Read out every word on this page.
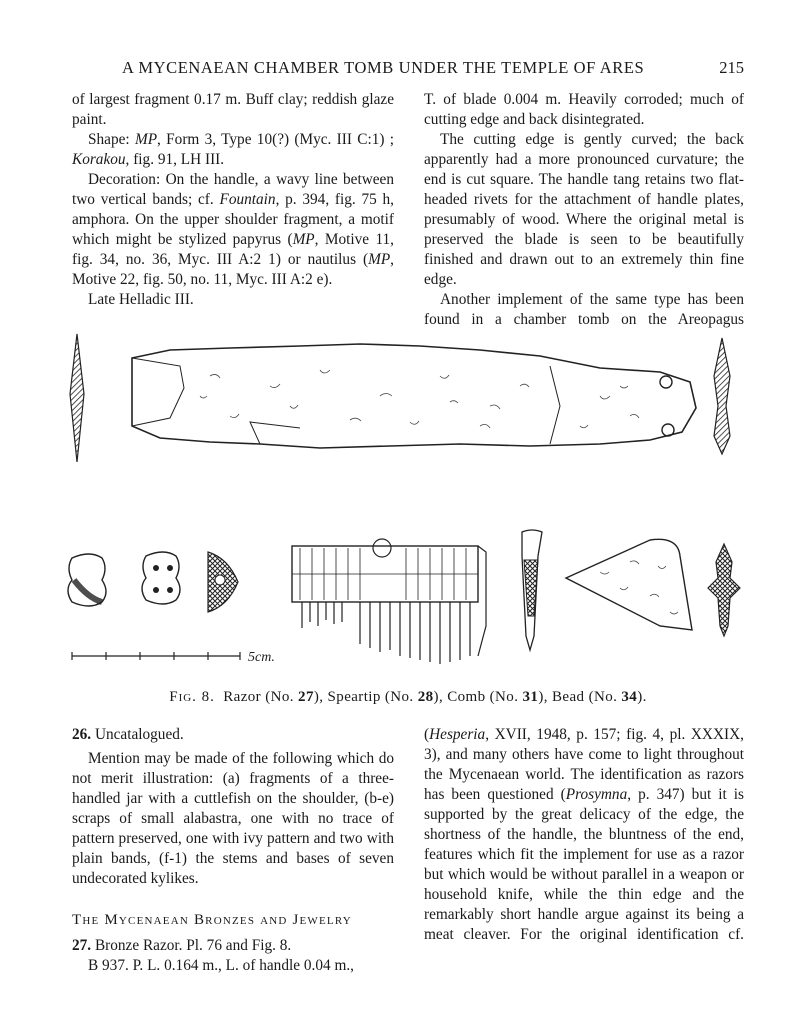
A MYCENAEAN CHAMBER TOMB UNDER THE TEMPLE OF ARES	215

of largest fragment 0.17 m. Buff clay; reddish glaze paint.

Shape: MP, Form 3, Type 10(?) (Myc. III C:1) ; Korakou, fig. 91, LH III.

Decoration: On the handle, a wavy line between two vertical bands; cf. Fountain, p. 394, fig. 75 h, amphora. On the upper shoulder fragment, a motif which might be stylized papyrus (MP, Motive 11, fig. 34, no. 36, Myc. III A:2 1) or nautilus (MP, Motive 22, fig. 50, no. 11, Myc. III A:2 e).

Late Helladic III.

T. of blade 0.004 m. Heavily corroded; much of cutting edge and back disintegrated.

The cutting edge is gently curved; the back apparently had a more pronounced curvature; the end is cut square. The handle tang retains two flat-headed rivets for the attachment of handle plates, presumably of wood. Where the original metal is preserved the blade is seen to be beautifully finished and drawn out to an extremely thin fine edge.

Another implement of the same type has been found in a chamber tomb on the Areopagus

5cm.
Fig. 8. Razor (No. 27), Speartip (No. 28), Comb (No. 31), Bead (No. 34).

26. Uncatalogued.

Mention may be made of the following which do not merit illustration: (a) fragments of a three-handled jar with a cuttlefish on the shoulder, (b-e) scraps of small alabastra, one with no trace of pattern preserved, one with ivy pattern and two with plain bands, (f-1) the stems and bases of seven undecorated kylikes.

The Mycenaean Bronzes and Jewelry

27. Bronze Razor. Pl. 76 and Fig. 8.

B 937. P. L. 0.164 m., L. of handle 0.04 m.,

(Hesperia, XVII, 1948, p. 157; fig. 4, pl. XXXIX, 3), and many others have come to light throughout the Mycenaean world. The identification as razors has been questioned (Prosymna, p. 347) but it is supported by the great delicacy of the edge, the shortness of the handle, the bluntness of the end, features which fit the implement for use as a razor but which would be without parallel in a weapon or household knife, while the thin edge and the remarkably short handle argue against its being a meat cleaver. For the original identification cf.
